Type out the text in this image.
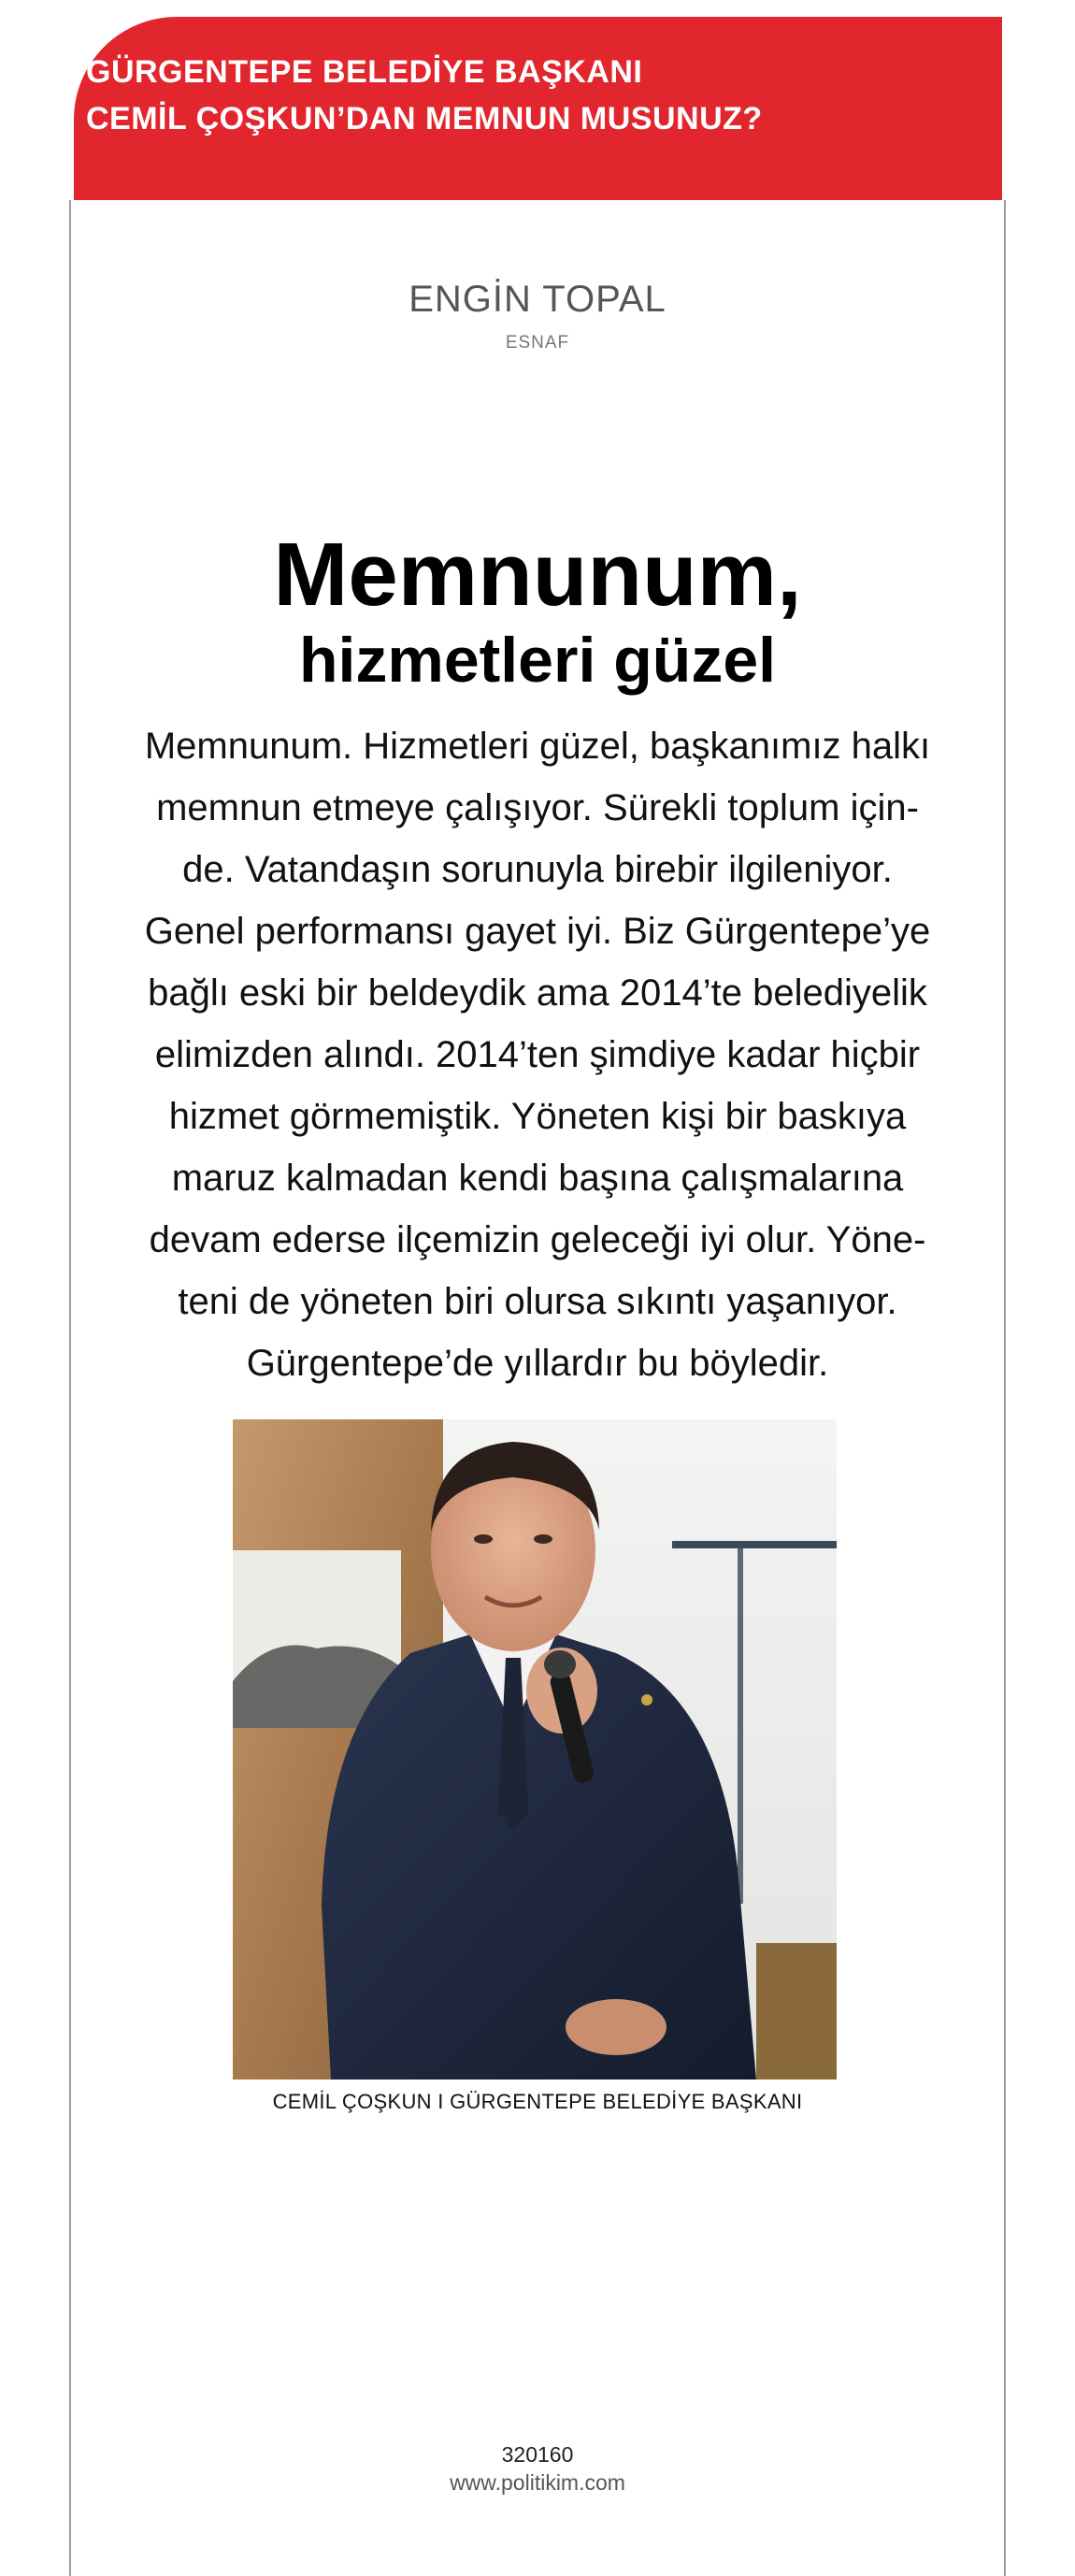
GÜRGENTEPE BELEDİYE BAŞKANI
CEMİL ÇOŞKUN’DAN MEMNUN MUSUNUZ?
ENGİN TOPAL
ESNAF
Memnunum,
hizmetleri güzel

Memnunum. Hizmetleri güzel, başkanımız halkı
memnun etmeye çalışıyor. Sürekli toplum için-
de. Vatandaşın sorunuyla birebir ilgileniyor.
Genel performansı gayet iyi. Biz Gürgentepe’ye
bağlı eski bir beldeydik ama 2014’te belediyelik
elimizden alındı. 2014’ten şimdiye kadar hiçbir
hizmet görmemiştik. Yöneten kişi bir baskıya
maruz kalmadan kendi başına çalışmalarına
devam ederse ilçemizin geleceği iyi olur. Yöne-
teni de yöneten biri olursa sıkıntı yaşanıyor.
Gürgentepe’de yıllardır bu böyledir.

CEMİL ÇOŞKUN I GÜRGENTEPE BELEDİYE BAŞKANI
320160
www.politikim.com
